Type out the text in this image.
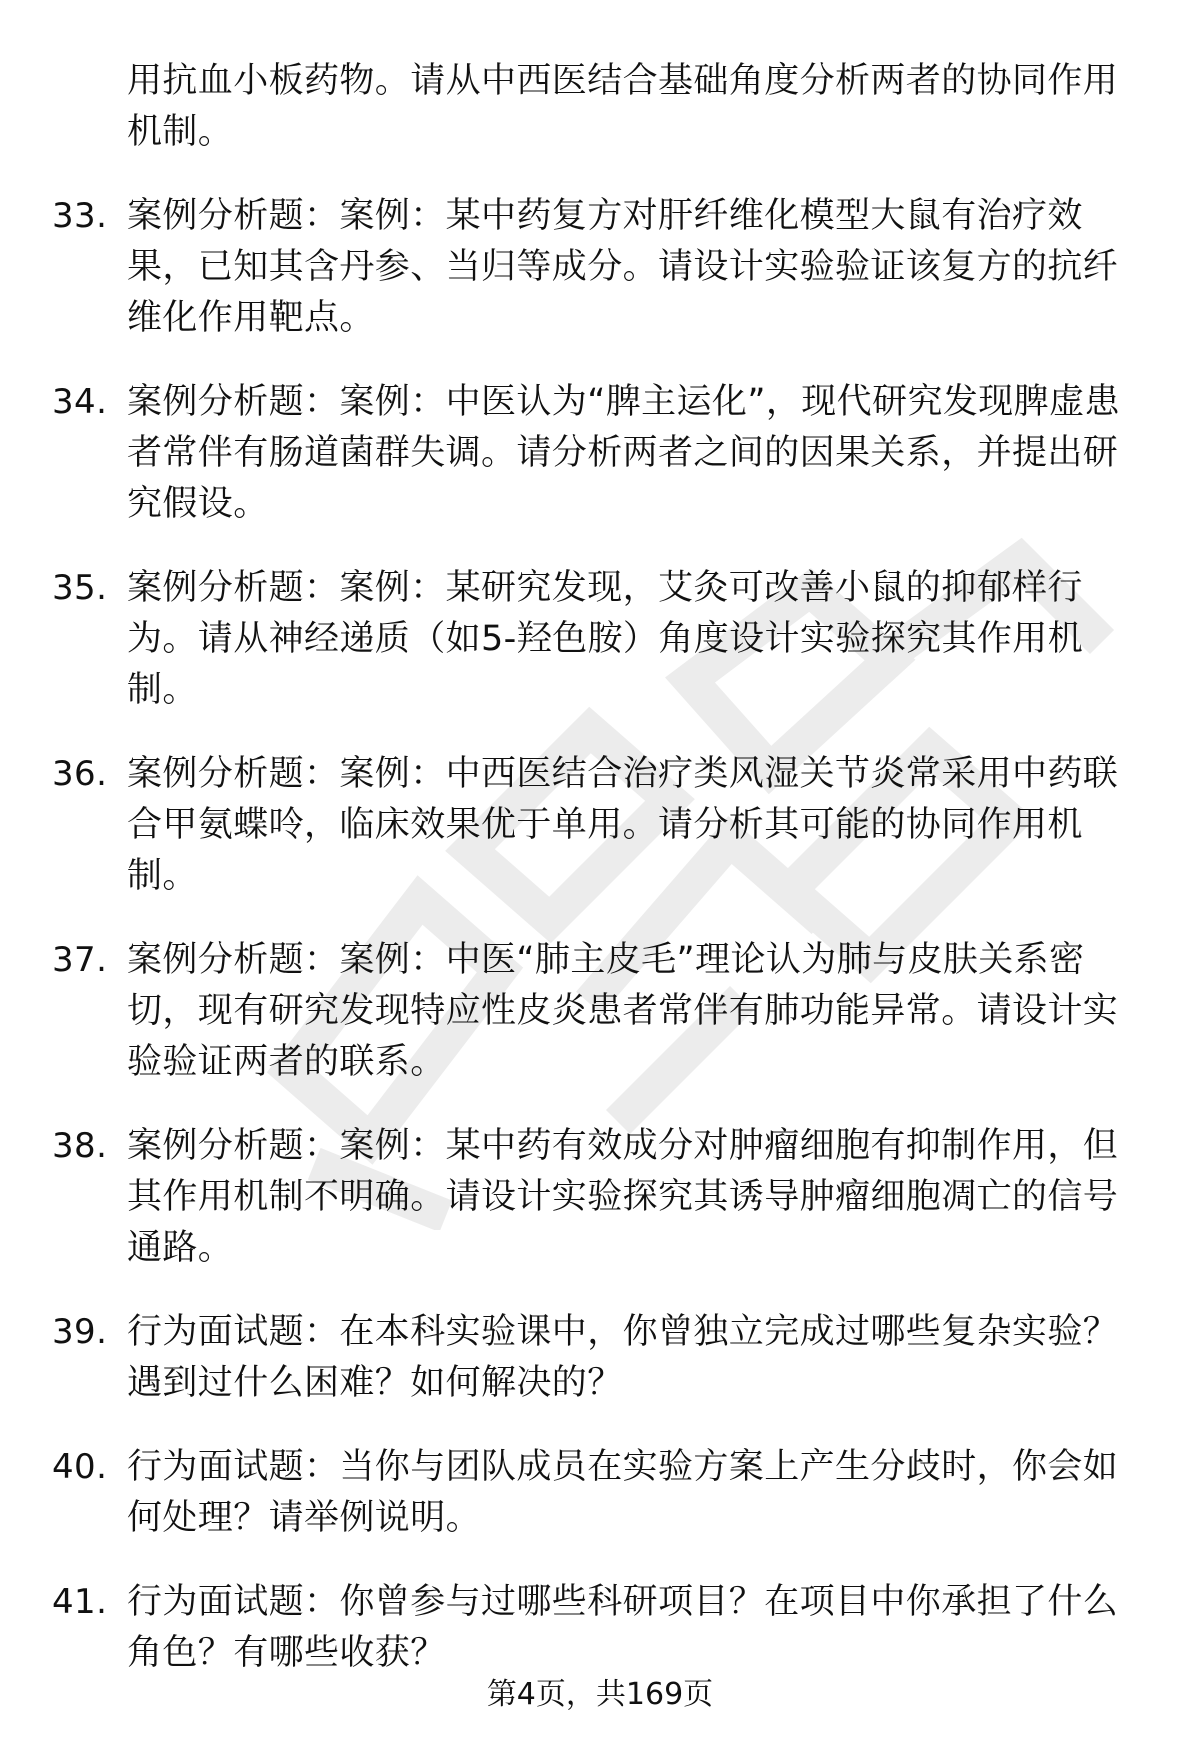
用抗血小板药物。请从中西医结合基础角度分析两者的协同作用机制。

33. 案例分析题：案例：某中药复方对肝纤维化模型大鼠有治疗效果，已知其含丹参、当归等成分。请设计实验验证该复方的抗纤维化作用靶点。
34. 案例分析题：案例：中医认为“脾主运化”，现代研究发现脾虚患者常伴有肠道菌群失调。请分析两者之间的因果关系，并提出研究假设。
35. 案例分析题：案例：某研究发现，艾灸可改善小鼠的抑郁样行为。请从神经递质（如5-羟色胺）角度设计实验探究其作用机制。
36. 案例分析题：案例：中西医结合治疗类风湿关节炎常采用中药联合甲氨蝶呤，临床效果优于单用。请分析其可能的协同作用机制。
37. 案例分析题：案例：中医“肺主皮毛”理论认为肺与皮肤关系密切，现有研究发现特应性皮炎患者常伴有肺功能异常。请设计实验验证两者的联系。
38. 案例分析题：案例：某中药有效成分对肿瘤细胞有抑制作用，但其作用机制不明确。请设计实验探究其诱导肿瘤细胞凋亡的信号通路。
39. 行为面试题：在本科实验课中，你曾独立完成过哪些复杂实验？遇到过什么困难？如何解决的？
40. 行为面试题：当你与团队成员在实验方案上产生分歧时，你会如何处理？请举例说明。
41. 行为面试题：你曾参与过哪些科研项目？在项目中你承担了什么角色？有哪些收获？
第4页，共169页
